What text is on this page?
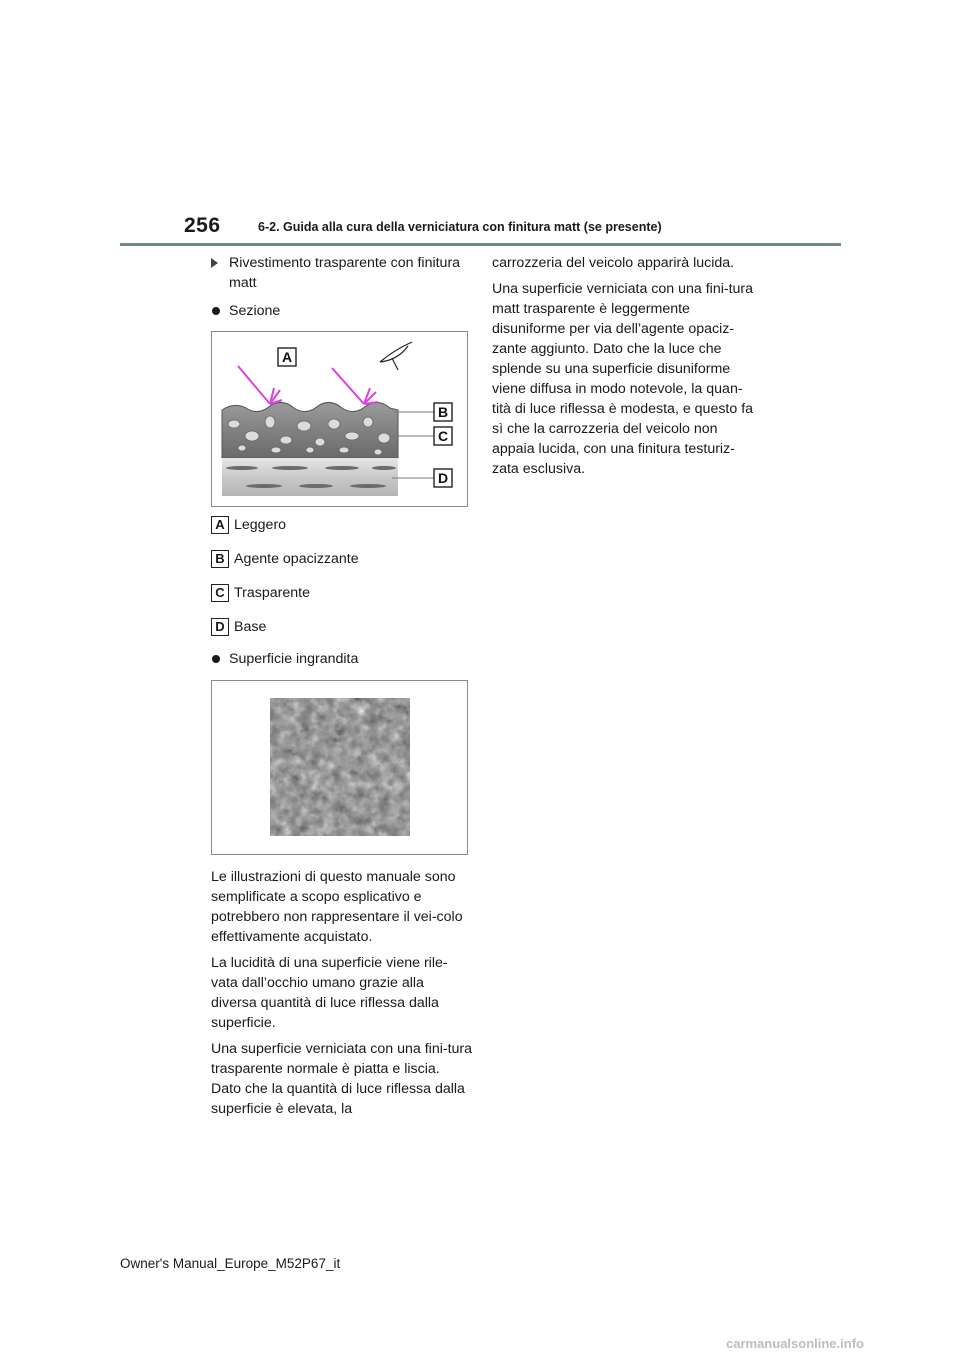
256	6-2. Guida alla cura della verniciatura con finitura matt (se presente)
Rivestimento trasparente con finitura matt
Sezione
A
B
C
D
A Leggero
B Agente opacizzante
C Trasparente
D Base
Superficie ingrandita
Le illustrazioni di questo manuale sono semplificate a scopo esplicativo e potrebbero non rappresentare il vei-colo effettivamente acquistato.
La lucidità di una superficie viene rile-vata dall’occhio umano grazie alla diversa quantità di luce riflessa dalla superficie.
Una superficie verniciata con una fini-tura trasparente normale è piatta e liscia. Dato che la quantità di luce riflessa dalla superficie è elevata, la
carrozzeria del veicolo apparirà lucida.
Una superficie verniciata con una fini-tura matt trasparente è leggermente disuniforme per via dell’agente opaciz-zante aggiunto. Dato che la luce che splende su una superficie disuniforme viene diffusa in modo notevole, la quan-tità di luce riflessa è modesta, e questo fa sì che la carrozzeria del veicolo non appaia lucida, con una finitura testuriz-zata esclusiva.
Owner's Manual_Europe_M52P67_it
carmanualsonline.info
